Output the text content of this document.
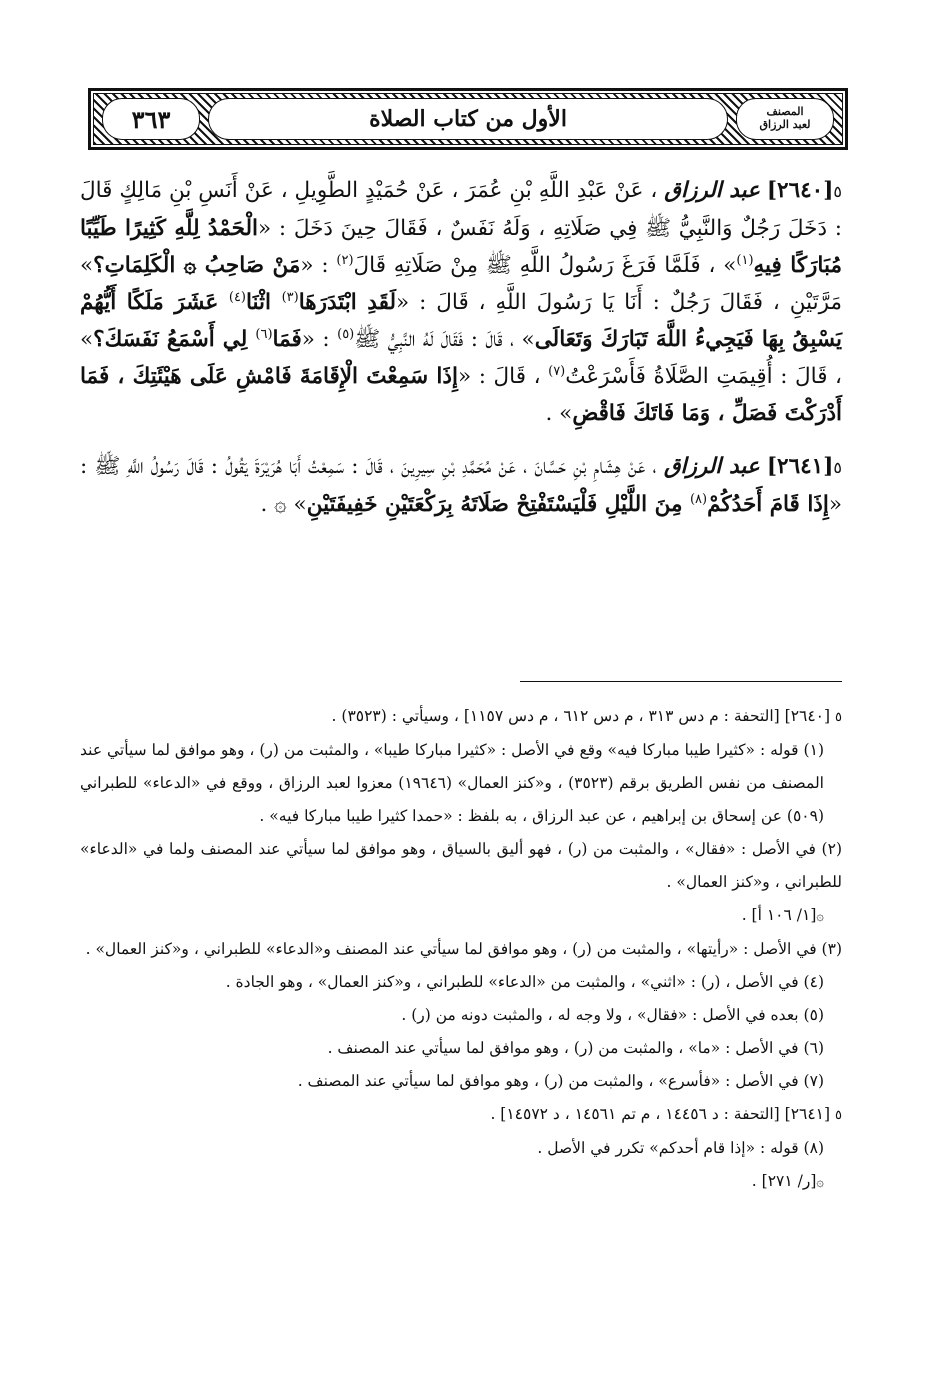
المصنف
لعبد الرزاق
الأول من كتاب الصلاة
٣٦٣

٥[٢٦٤٠] عبد الرزاق ، عَنْ عَبْدِ اللَّهِ بْنِ عُمَرَ ، عَنْ حُمَيْدٍ الطَّوِيلِ ، عَنْ أَنَسِ بْنِ مَالِكٍ قَالَ : دَخَلَ رَجُلٌ وَالنَّبِيُّ ﷺ فِي صَلَاتِهِ ، وَلَهُ نَفَسٌ ، فَقَالَ حِينَ دَخَلَ : «الْحَمْدُ لِلَّهِ كَثِيرًا طَيِّبًا مُبَارَكًا فِيهِ$^{(١)}$» ، فَلَمَّا فَرَغَ رَسُولُ اللَّهِ ﷺ مِنْ صَلَاتِهِ قَالَ$^{(٢)}$ : «مَنْ صَاحِبُ ۞ الْكَلِمَاتِ؟» مَرَّتَيْنِ ، فَقَالَ رَجُلٌ : أَنَا يَا رَسُولَ اللَّهِ ، قَالَ : «لَقَدِ ابْتَدَرَهَا$^{(٣)}$ اثْنَا$^{(٤)}$ عَشَرَ مَلَكًا أَيُّهُمْ يَسْبِقُ بِهَا فَيَجِيءُ اللَّهَ تَبَارَكَ وَتَعَالَى» ، قَالَ : فَقَالَ لَهُ النَّبِيُّ ﷺ$^{(٥)}$ : «فَمَا$^{(٦)}$ لِي أَسْمَعُ نَفَسَكَ؟» ، قَالَ : أُقِيمَتِ الصَّلَاةُ فَأَسْرَعْتُ$^{(٧)}$ ، قَالَ : «إِذَا سَمِعْتَ الْإِقَامَةَ فَامْشِ عَلَى هَيْئَتِكَ ، فَمَا أَدْرَكْتَ فَصَلِّ ، وَمَا فَاتَكَ فَاقْضِ» .

٥[٢٦٤١] عبد الرزاق ، عَنْ هِشَامِ بْنِ حَسَّانَ ، عَنْ مُحَمَّدِ بْنِ سِيرِينَ ، قَالَ : سَمِعْتُ أَبَا هُرَيْرَةَ يَقُولُ : قَالَ رَسُولُ اللَّهِ ﷺ : «إِذَا قَامَ أَحَدُكُمْ$^{(٨)}$ مِنَ اللَّيْلِ فَلْيَسْتَفْتِحْ صَلَاتَهُ بِرَكْعَتَيْنِ خَفِيفَتَيْنِ» ۞ .

٥ [٢٦٤٠] [التحفة : م دس ٣١٣ ، م دس ٦١٢ ، م دس ١١٥٧] ، وسيأتي : (٣٥٢٣) .

(١) قوله : «كثيرا طيبا مباركا فيه» وقع في الأصل : «كثيرا مباركا طيبا» ، والمثبت من (ر) ، وهو موافق لما سيأتي عند المصنف من نفس الطريق برقم (٣٥٢٣) ، و«كنز العمال» (١٩٦٤٦) معزوا لعبد الرزاق ، ووقع في «الدعاء» للطبراني (٥٠٩) عن إسحاق بن إبراهيم ، عن عبد الرزاق ، به بلفظ : «حمدا كثيرا طيبا مباركا فيه» .

(٢) في الأصل : «فقال» ، والمثبت من (ر) ، فهو أليق بالسياق ، وهو موافق لما سيأتي عند المصنف ولما في «الدعاء» للطبراني ، و«كنز العمال» .

۞[١/ ١٠٦ أ] .

(٣) في الأصل : «رأيتها» ، والمثبت من (ر) ، وهو موافق لما سيأتي عند المصنف و«الدعاء» للطبراني ، و«كنز العمال» .

(٤) في الأصل ، (ر) : «اثني» ، والمثبت من «الدعاء» للطبراني ، و«كنز العمال» ، وهو الجادة .

(٥) بعده في الأصل : «فقال» ، ولا وجه له ، والمثبت دونه من (ر) .

(٦) في الأصل : «ما» ، والمثبت من (ر) ، وهو موافق لما سيأتي عند المصنف .

(٧) في الأصل : «فأسرع» ، والمثبت من (ر) ، وهو موافق لما سيأتي عند المصنف .

٥ [٢٦٤١] [التحفة : د ١٤٤٥٦ ، م تم ١٤٥٦١ ، د ١٤٥٧٢] .

(٨) قوله : «إذا قام أحدكم» تكرر في الأصل .

۞[ر/ ٢٧١] .
